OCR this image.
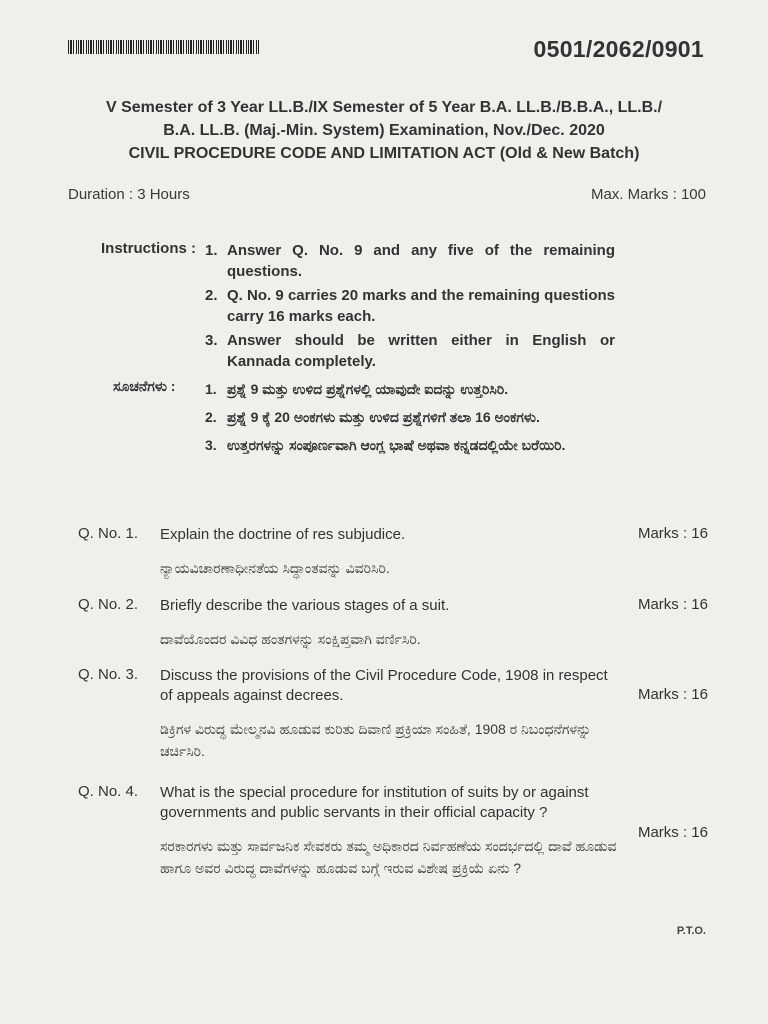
0501/2062/0901
V Semester of 3 Year LL.B./IX Semester of 5 Year B.A. LL.B./B.B.A., LL.B./
B.A. LL.B. (Maj.-Min. System) Examination, Nov./Dec. 2020
CIVIL PROCEDURE CODE AND LIMITATION ACT (Old & New Batch)
Duration : 3 Hours	Max. Marks : 100
Instructions : 1. Answer Q. No. 9 and any five of the remaining questions.
2. Q. No. 9 carries 20 marks and the remaining questions carry 16 marks each.
3. Answer should be written either in English or Kannada completely.
ಸೂಚನೆಗಳು : 1. ಪ್ರಶ್ನೆ 9 ಮತ್ತು ಉಳಿದ ಪ್ರಶ್ನೆಗಳಲ್ಲಿ ಯಾವುದೇ ಐದನ್ನು ಉತ್ತರಿಸಿರಿ.
2. ಪ್ರಶ್ನೆ 9 ಕ್ಕೆ 20 ಅಂಕಗಳು ಮತ್ತು ಉಳಿದ ಪ್ರಶ್ನೆಗಳಿಗೆ ತಲಾ 16 ಅಂಕಗಳು.
3. ಉತ್ತರಗಳನ್ನು ಸಂಪೂರ್ಣವಾಗಿ ಆಂಗ್ಲ ಭಾಷೆ ಅಥವಾ ಕನ್ನಡದಲ್ಲಿಯೇ ಬರೆಯಿರಿ.
Q. No. 1. Explain the doctrine of res subjudice.	Marks : 16
ನ್ಯಾಯವಿಚಾರಣಾಧೀನತೆಯ ಸಿದ್ಧಾಂತವನ್ನು ವಿವರಿಸಿರಿ.
Q. No. 2. Briefly describe the various stages of a suit.	Marks : 16
ದಾವೆಯೊಂದರ ವಿವಿಧ ಹಂತಗಳನ್ನು ಸಂಕ್ಷಿಪ್ತವಾಗಿ ವರ್ಣಿಸಿರಿ.
Q. No. 3. Discuss the provisions of the Civil Procedure Code, 1908 in respect of appeals against decrees.	Marks : 16
ಡಿಕ್ರಿಗಳ ವಿರುದ್ಧ ಮೇಲ್ಮನವಿ ಹೂಡುವ ಕುರಿತು ದಿವಾಣಿ ಪ್ರಕ್ರಿಯಾ ಸಂಹಿತೆ, 1908 ರ ನಿಬಂಧನೆಗಳನ್ನು ಚರ್ಚಿಸಿರಿ.
Q. No. 4. What is the special procedure for institution of suits by or against governments and public servants in their official capacity ?
Marks : 16
ಸರಕಾರಗಳು ಮತ್ತು ಸಾರ್ವಜನಿಕ ಸೇವಕರು ತಮ್ಮ ಅಧಿಕಾರದ ನಿರ್ವಹಣೆಯ ಸಂದರ್ಭದಲ್ಲಿ ದಾವೆ ಹೂಡುವ ಹಾಗೂ ಅವರ ವಿರುದ್ಧ ದಾವೆಗಳನ್ನು ಹೂಡುವ ಬಗ್ಗೆ ಇರುವ ವಿಶೇಷ ಪ್ರಕ್ರಿಯೆ ಏನು ?
P.T.O.
